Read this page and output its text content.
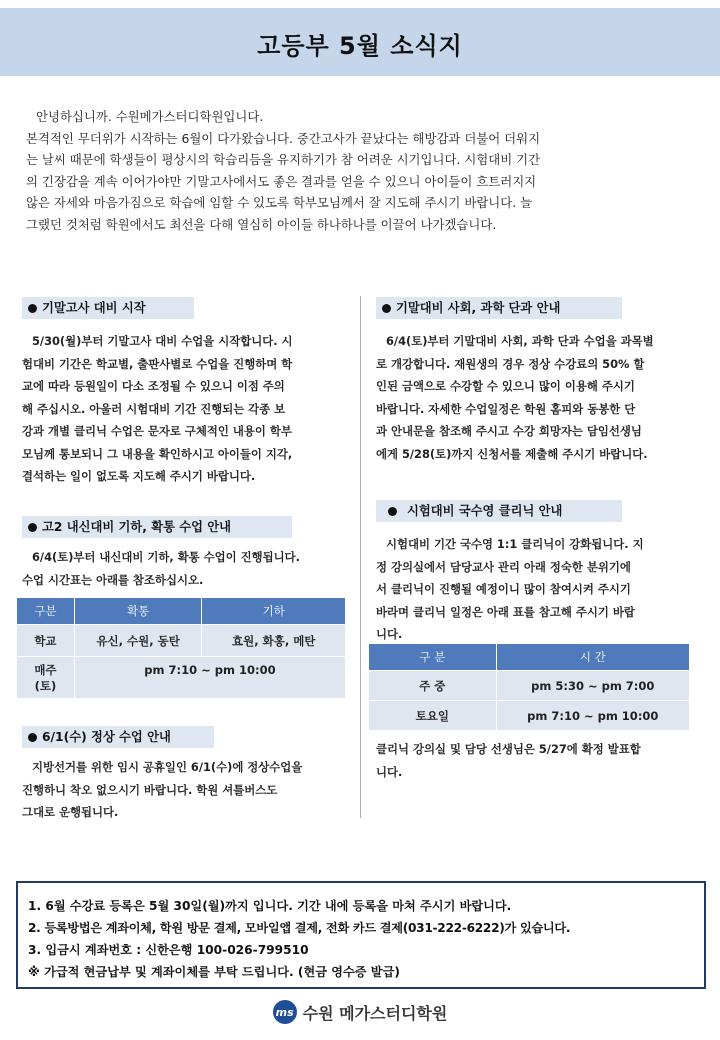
고등부 5월 소식지
안녕하십니까. 수원메가스터디학원입니다.
본격적인 무더위가 시작하는 6월이 다가왔습니다. 중간고사가 끝났다는 해방감과 더불어 더워지
는 날씨 때문에 학생들이 평상시의 학습리듬을 유지하기가 참 어려운 시기입니다. 시험대비 기간
의 긴장감을 계속 이어가야만 기말고사에서도 좋은 결과를 얻을 수 있으니 아이들이 흐트러지지
않은 자세와 마음가짐으로 학습에 임할 수 있도록 학부모님께서 잘 지도해 주시기 바랍니다. 늘
그랬던 것처럼 학원에서도 최선을 다해 열심히 아이들 하나하나를 이끌어 나가겠습니다.
기말고사 대비 시작
5/30(월)부터 기말고사 대비 수업을 시작합니다. 시
험대비 기간은 학교별, 출판사별로 수업을 진행하며 학
교에 따라 등원일이 다소 조정될 수 있으니 이점 주의
해 주십시오. 아울러 시험대비 기간 진행되는 각종 보
강과 개별 클리닉 수업은 문자로 구체적인 내용이 학부
모님께 통보되니 그 내용을 확인하시고 아이들이 지각,
결석하는 일이 없도록 지도해 주시기 바랍니다.
고2 내신대비 기하, 확통 수업 안내
6/4(토)부터 내신대비 기하, 확통 수업이 진행됩니다.
수업 시간표는 아래를 참조하십시오.
구분	확통	기하
학교	유신, 수원, 동탄	효원, 화홍, 메탄
매주
(토)	pm 7:10 ~ pm 10:00	
6/1(수) 정상 수업 안내
지방선거를 위한 임시 공휴일인 6/1(수)에 정상수업을
진행하니 착오 없으시기 바랍니다. 학원 셔틀버스도
그대로 운행됩니다.
기말대비 사회, 과학 단과 안내
6/4(토)부터 기말대비 사회, 과학 단과 수업을 과목별
로 개강합니다. 재원생의 경우 정상 수강료의 50% 할
인된 금액으로 수강할 수 있으니 많이 이용해 주시기
바랍니다. 자세한 수업일정은 학원 홈피와 동봉한 단
과 안내문을 참조해 주시고 수강 희망자는 담임선생님
에게 5/28(토)까지 신청서를 제출해 주시기 바랍니다.
시험대비 국수영 클리닉 안내
시험대비 기간 국수영 1:1 클리닉이 강화됩니다. 지
정 강의실에서 담당교사 관리 아래 정숙한 분위기에
서 클리닉이 진행될 예정이니 많이 참여시켜 주시기
바라며 클리닉 일정은 아래 표를 참고해 주시기 바랍
니다.
구 분	시 간
주 중	pm 5:30 ~ pm 7:00
토요일	pm 7:10 ~ pm 10:00
클리닉 강의실 및 담당 선생님은 5/27에 확정 발표합
니다.
1. 6월 수강료 등록은 5월 30일(월)까지 입니다. 기간 내에 등록을 마쳐 주시기 바랍니다.
2. 등록방법은 계좌이체, 학원 방문 결제, 모바일앱 결제, 전화 카드 결제(031-222-6222)가 있습니다.
3. 입금시 계좌번호 : 신한은행 100-026-799510
※ 가급적 현금납부 및 계좌이체를 부탁 드립니다. (현금 영수증 발급)
ms 수원 메가스터디학원
